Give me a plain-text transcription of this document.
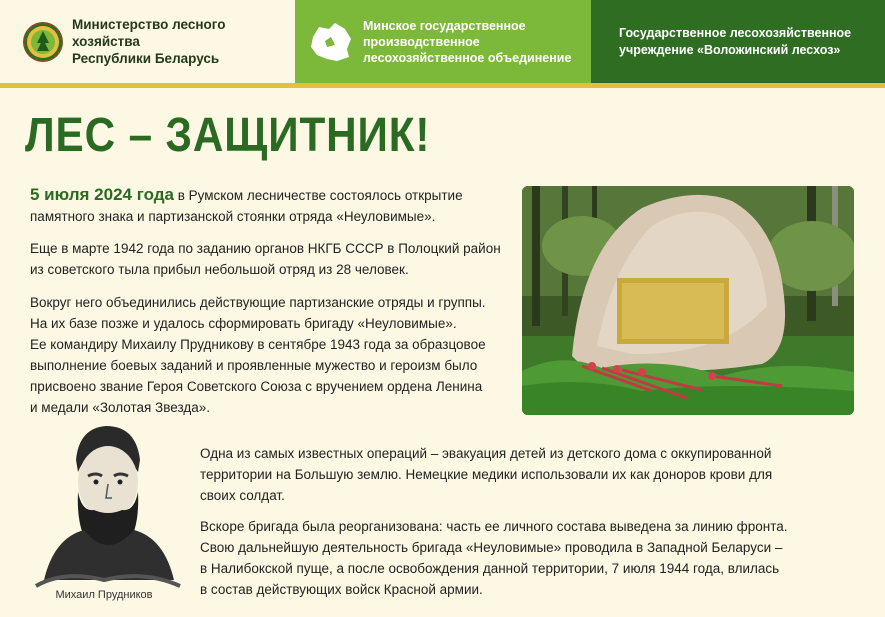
Министерство лесного хозяйства
Республики Беларусь
Минское государственное
производственное
лесохозяйственное объединение
Государственное лесохозяйственное
учреждение «Воложинский лесхоз»
ЛЕС – ЗАЩИТНИК!
5 июля 2024 года в Румском лесничестве состоялось открытие
памятного знака и партизанской стоянки отряда «Неуловимые».
Еще в марте 1942 года по заданию органов НКГБ СССР в Полоцкий район
из советского тыла прибыл небольшой отряд из 28 человек.
Вокруг него объединились действующие партизанские отряды и группы.
На их базе позже и удалось сформировать бригаду «Неуловимые».
Ее командиру Михаилу Прудникову в сентябре 1943 года за образцовое
выполнение боевых заданий и проявленные мужество и героизм было
присвоено звание Героя Советского Союза с вручением ордена Ленина
и медали «Золотая Звезда».
Михаил Прудников
Одна из самых известных операций – эвакуация детей из детского дома с оккупированной
территории на Большую землю. Немецкие медики использовали их как доноров крови для
своих солдат.
Вскоре бригада была реорганизована: часть ее личного состава выведена за линию фронта.
Свою дальнейшую деятельность бригада «Неуловимые» проводила в Западной Беларуси –
в Налибокской пуще, а после освобождения данной территории, 7 июля 1944 года, влилась
в состав действующих войск Красной армии.
